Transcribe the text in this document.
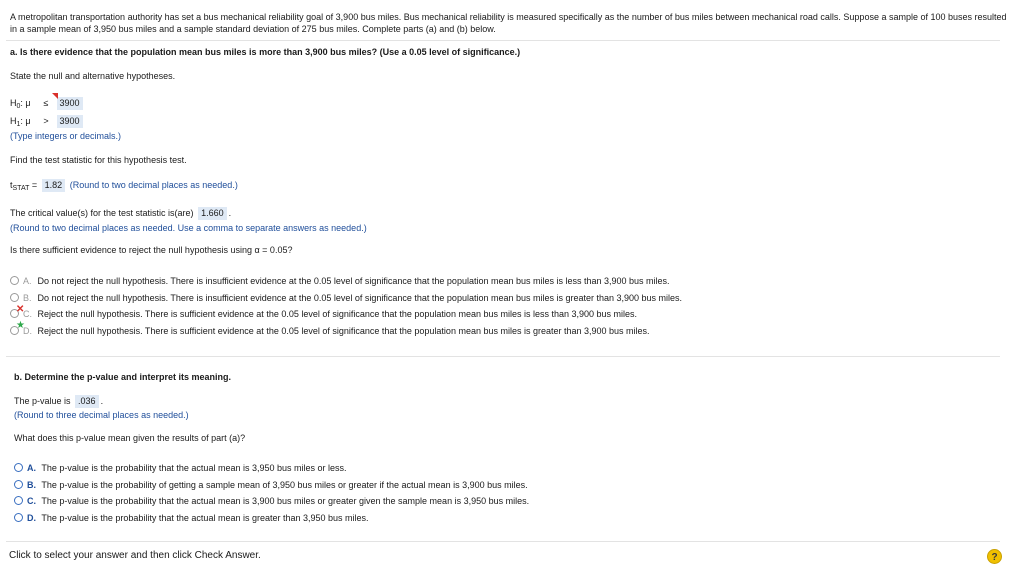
A metropolitan transportation authority has set a bus mechanical reliability goal of 3,900 bus miles. Bus mechanical reliability is measured specifically as the number of bus miles between mechanical road calls. Suppose a sample of 100 buses resulted in a sample mean of 3,950 bus miles and a sample standard deviation of 275 bus miles. Complete parts (a) and (b) below.
a. Is there evidence that the population mean bus miles is more than 3,900 bus miles? (Use a 0.05 level of significance.)
State the null and alternative hypotheses.
$H_0$: μ ≤ 3900
$H_1$: μ > 3900
(Type integers or decimals.)
Find the test statistic for this hypothesis test.
$t_{STAT} = 1.82$ (Round to two decimal places as needed.)
The critical value(s) for the test statistic is(are) 1.660 .
(Round to two decimal places as needed. Use a comma to separate answers as needed.)
Is there sufficient evidence to reject the null hypothesis using α = 0.05?
A. Do not reject the null hypothesis. There is insufficient evidence at the 0.05 level of significance that the population mean bus miles is less than 3,900 bus miles.
B. Do not reject the null hypothesis. There is insufficient evidence at the 0.05 level of significance that the population mean bus miles is greater than 3,900 bus miles.
C. Reject the null hypothesis. There is sufficient evidence at the 0.05 level of significance that the population mean bus miles is less than 3,900 bus miles.
✕
D. Reject the null hypothesis. There is sufficient evidence at the 0.05 level of significance that the population mean bus miles is greater than 3,900 bus miles.
★
b. Determine the p-value and interpret its meaning.
The p-value is .036 .
(Round to three decimal places as needed.)
What does this p-value mean given the results of part (a)?
A. The p-value is the probability that the actual mean is 3,950 bus miles or less.
B. The p-value is the probability of getting a sample mean of 3,950 bus miles or greater if the actual mean is 3,900 bus miles.
C. The p-value is the probability that the actual mean is 3,900 bus miles or greater given the sample mean is 3,950 bus miles.
D. The p-value is the probability that the actual mean is greater than 3,950 bus miles.
Click to select your answer and then click Check Answer.	?
